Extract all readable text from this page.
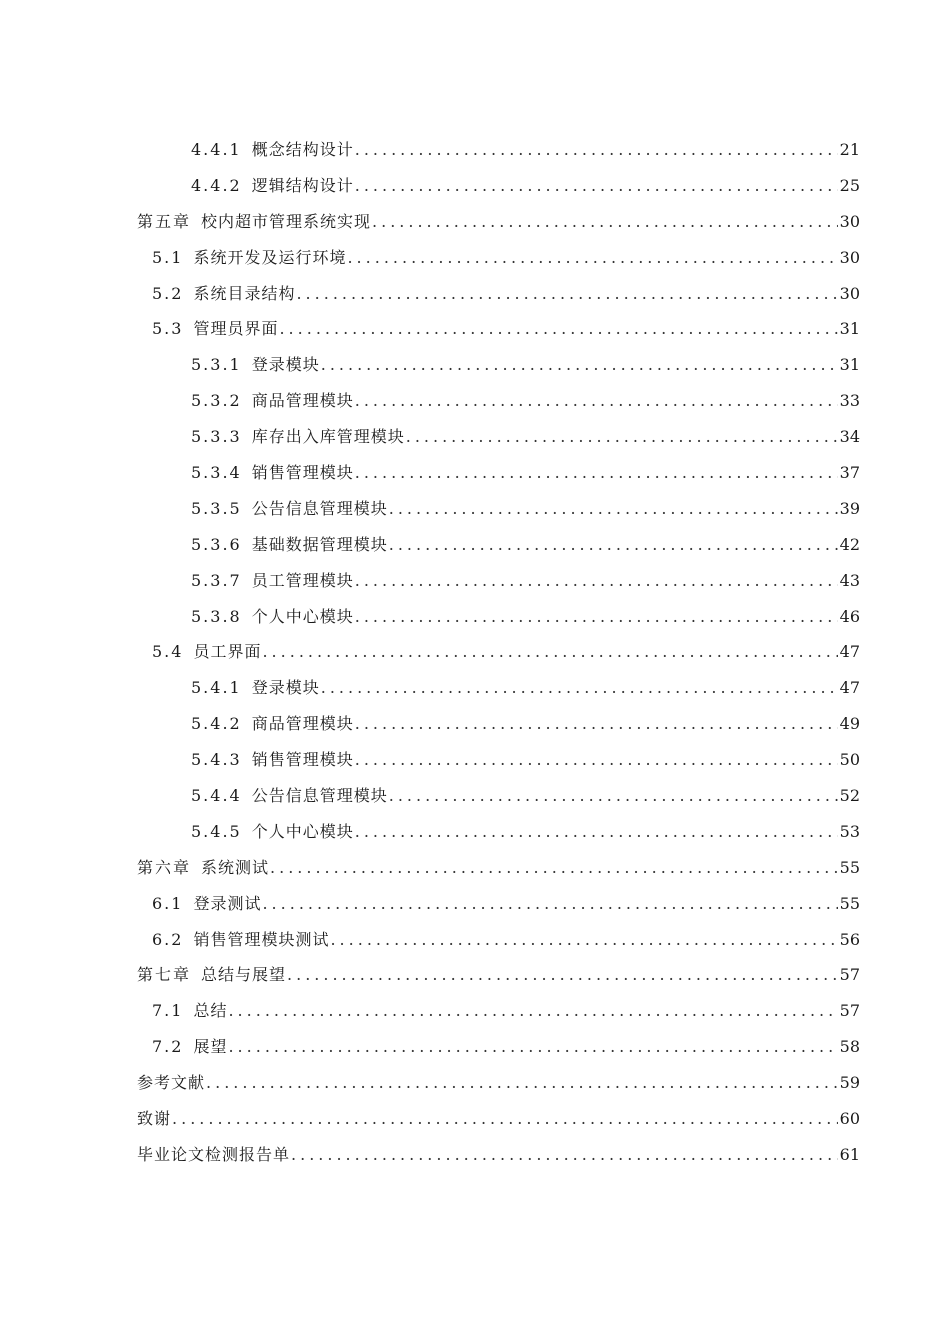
4.4.1 概念结构设计 .....	21
4.4.2 逻辑结构设计 .....	25
第五章 校内超市管理系统实现 .....	30
5.1 系统开发及运行环境 .....	30
5.2 系统目录结构 .....	30
5.3 管理员界面 .....	31
5.3.1 登录模块 .....	31
5.3.2 商品管理模块 .....	33
5.3.3 库存出入库管理模块 .....	34
5.3.4 销售管理模块 .....	37
5.3.5 公告信息管理模块 .....	39
5.3.6 基础数据管理模块 .....	42
5.3.7 员工管理模块 .....	43
5.3.8 个人中心模块 .....	46
5.4 员工界面 .....	47
5.4.1 登录模块 .....	47
5.4.2 商品管理模块 .....	49
5.4.3 销售管理模块 .....	50
5.4.4 公告信息管理模块 .....	52
5.4.5 个人中心模块 .....	53
第六章 系统测试 .....	55
6.1 登录测试 .....	55
6.2 销售管理模块测试 .....	56
第七章 总结与展望 .....	57
7.1 总结 .....	57
7.2 展望 .....	58
参考文献 .....	59
致谢 .....	60
毕业论文检测报告单 .....	61
